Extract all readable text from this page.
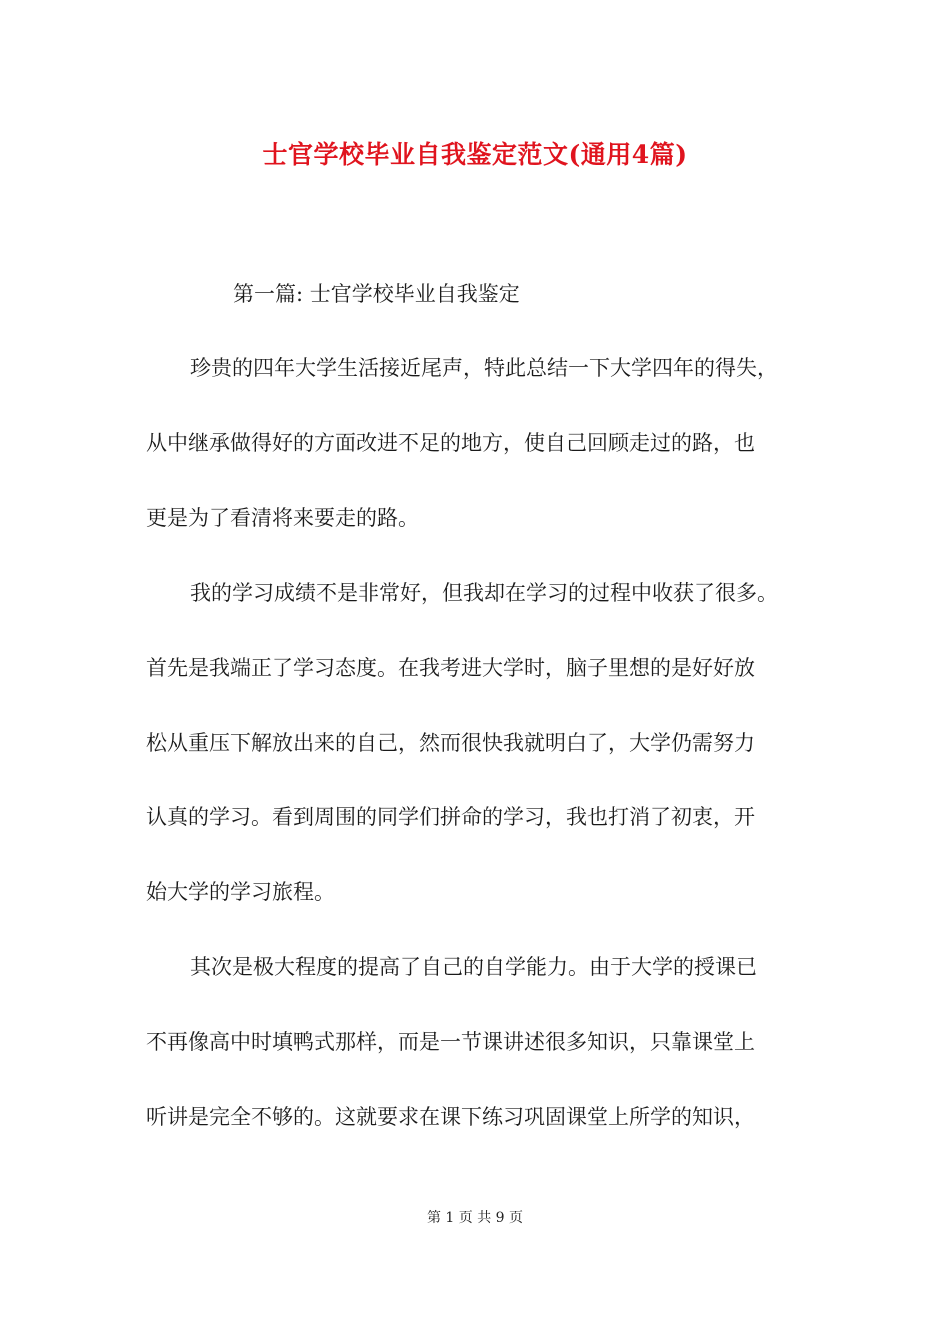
士官学校毕业自我鉴定范文(通用4篇)
第一篇: 士官学校毕业自我鉴定
珍贵的四年大学生活接近尾声，特此总结一下大学四年的得失，
从中继承做得好的方面改进不足的地方，使自己回顾走过的路，也
更是为了看清将来要走的路。
我的学习成绩不是非常好，但我却在学习的过程中收获了很多。
首先是我端正了学习态度。在我考进大学时，脑子里想的是好好放
松从重压下解放出来的自己，然而很快我就明白了，大学仍需努力
认真的学习。看到周围的同学们拼命的学习，我也打消了初衷，开
始大学的学习旅程。
其次是极大程度的提高了自己的自学能力。由于大学的授课已
不再像高中时填鸭式那样，而是一节课讲述很多知识，只靠课堂上
听讲是完全不够的。这就要求在课下练习巩固课堂上所学的知识，
第 1 页 共 9 页
